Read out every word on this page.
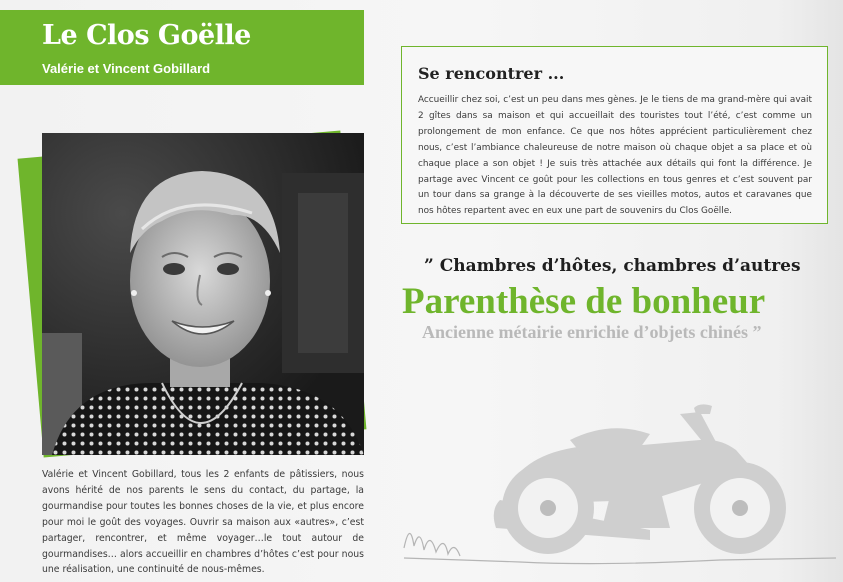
Le Clos Goëlle
Valérie et Vincent Gobillard
Valérie et Vincent Gobillard, tous les 2 enfants de pâtissiers, nous avons hérité de nos parents le sens du contact, du partage, la gourmandise pour toutes les bonnes choses de la vie, et plus encore pour moi le goût des voyages. Ouvrir sa maison aux «autres», c’est partager, rencontrer, et même voyager…le tout autour de gourmandises… alors accueillir en chambres d’hôtes c’est pour nous une réalisation, une continuité de nous-mêmes.
Se rencontrer ...
Accueillir chez soi, c’est un peu dans mes gènes. Je le tiens de ma grand-mère qui avait 2 gîtes dans sa maison et qui accueillait des touristes tout l’été, c’est comme un prolongement de mon enfance. Ce que nos hôtes apprécient particulièrement chez nous, c’est l’ambiance chaleureuse de notre maison où chaque objet a sa place et où chaque place a son objet ! Je suis très attachée aux détails qui font la différence. Je partage avec Vincent ce goût pour les collections en tous genres et c’est souvent par un tour dans sa grange à la découverte de ses vieilles motos, autos et caravanes que nos hôtes repartent avec en eux une part de souvenirs du Clos Goëlle.
” Chambres d’hôtes, chambres d’autres
Parenthèse de bonheur
Ancienne métairie enrichie d’objets chinés ”
